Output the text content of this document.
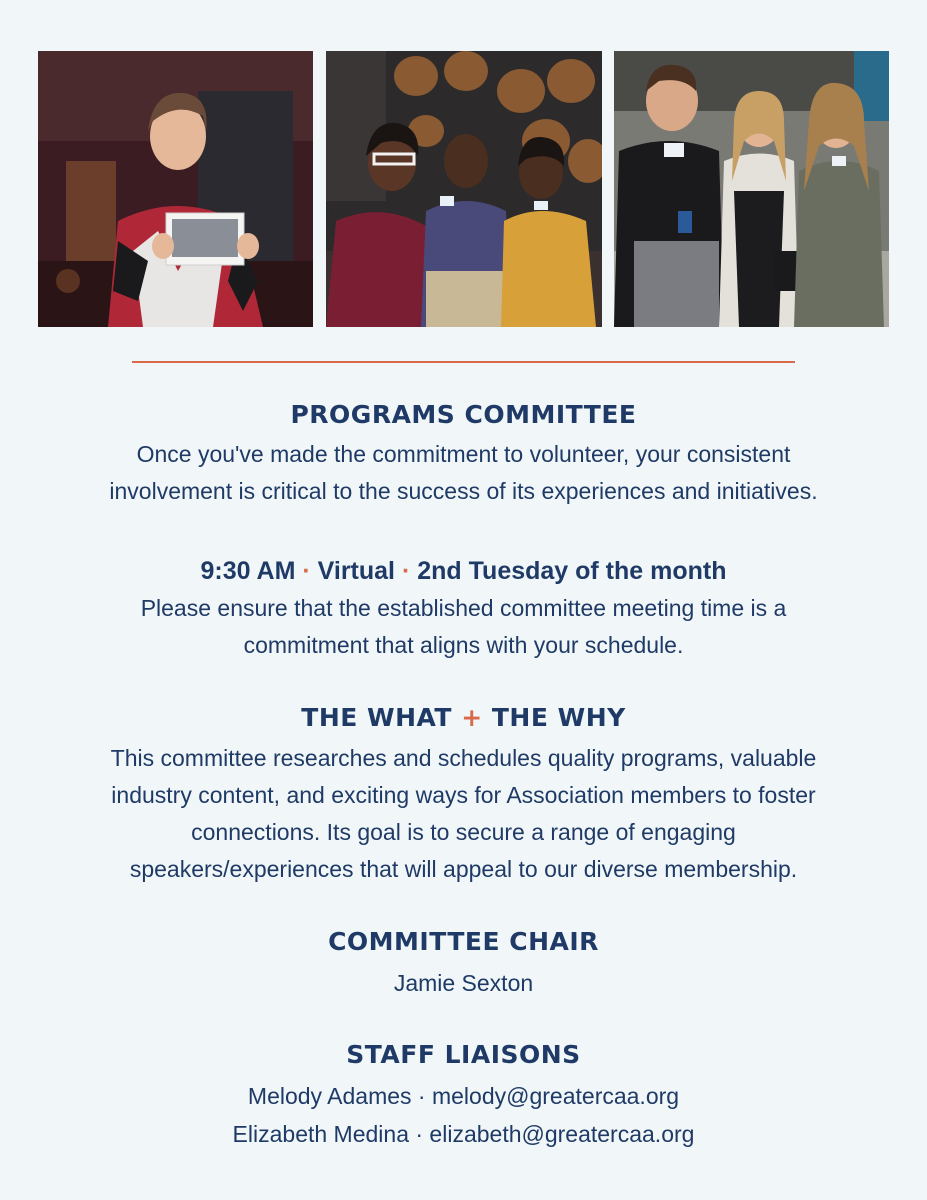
PROGRAMS COMMITTEE

Once you've made the commitment to volunteer, your consistent
involvement is critical to the success of its experiences and initiatives.

9:30 AM · Virtual · 2nd Tuesday of the month

Please ensure that the established committee meeting time is a
commitment that aligns with your schedule.

THE WHAT + THE WHY

This committee researches and schedules quality programs, valuable
industry content, and exciting ways for Association members to foster
connections. Its goal is to secure a range of engaging
speakers/experiences that will appeal to our diverse membership.

COMMITTEE CHAIR

Jamie Sexton

STAFF LIAISONS

Melody Adames · melody@greatercaa.org
Elizabeth Medina · elizabeth@greatercaa.org
